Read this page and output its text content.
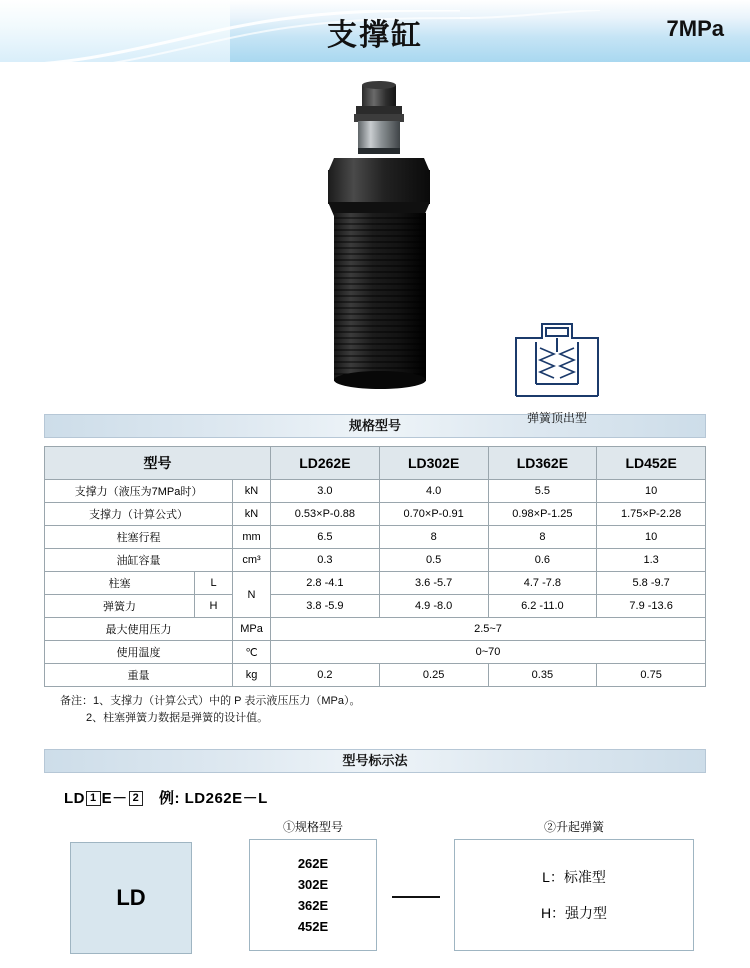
支撑缸	7MPa
弹簧顶出型
规格型号
型号			LD262E	LD302E	LD362E	LD452E
支撑力（液压为7MPa时）		kN	3.0	4.0	5.5	10
支撑力（计算公式）		kN	0.53×P-0.88	0.70×P-0.91	0.98×P-1.25	1.75×P-2.28
柱塞行程		mm	6.5	8	8	10
油缸容量		cm³	0.3	0.5	0.6	1.3
柱塞	L	N	2.8 -4.1	3.6 -5.7	4.7 -7.8	5.8 -9.7
弹簧力	H		3.8 -5.9	4.9 -8.0	6.2 -11.0	7.9 -13.6
最大使用压力		MPa	2.5~7			
使用温度		℃	0~70			
重量		kg	0.2	0.25	0.35	0.75
备注：1、支撑力（计算公式）中的 P 表示液压压力（MPa）。
2、柱塞弹簧力数据是弹簧的设计值。
型号标示法
LD 1 E－ 2 例: LD262E－L
LD
①规格型号
262E
302E
362E
452E
②升起弹簧
L：标准型
H：强力型
